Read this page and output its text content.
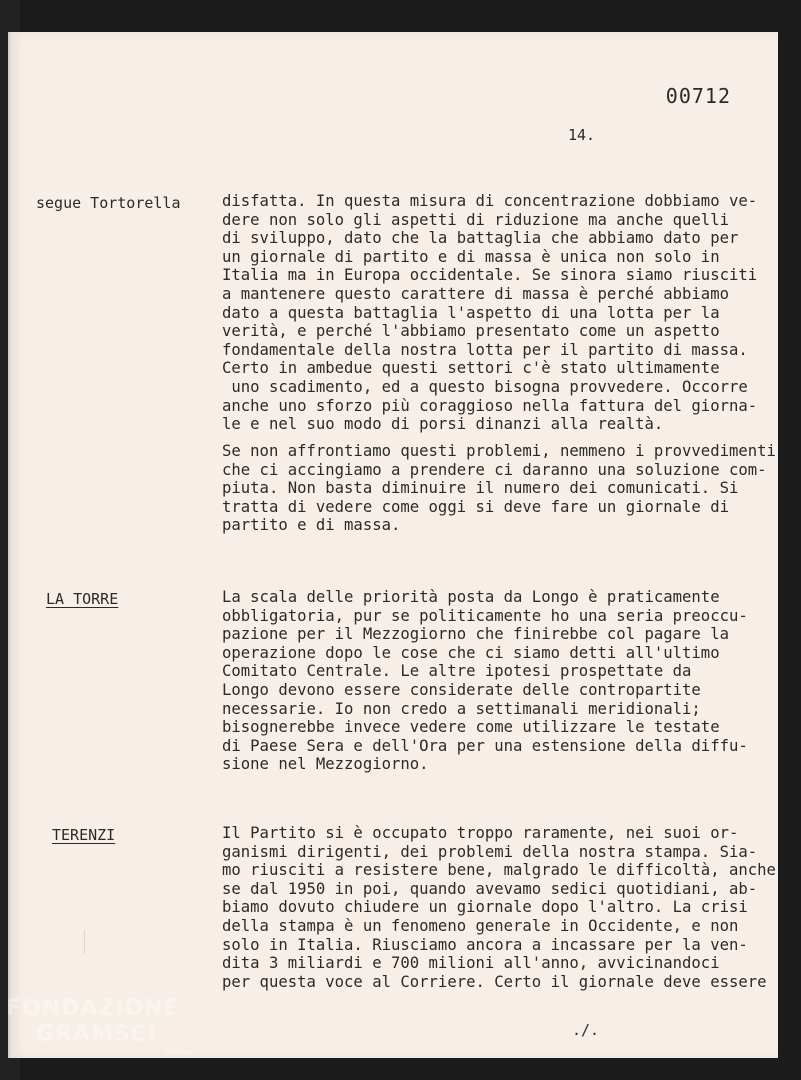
00712
14.
segue Tortorella	disfatta. In questa misura di concentrazione dobbiamo ve-
dere non solo gli aspetti di riduzione ma anche quelli
di sviluppo, dato che la battaglia che abbiamo dato per
un giornale di partito e di massa è unica non solo in
Italia ma in Europa occidentale. Se sinora siamo riusciti
a mantenere questo carattere di massa è perché abbiamo
dato a questa battaglia l'aspetto di una lotta per la
verità, e perché l'abbiamo presentato come un aspetto
fondamentale della nostra lotta per il partito di massa.
Certo in ambedue questi settori c'è stato ultimamente
uno scadimento, ed a questo bisogna provvedere. Occorre
anche uno sforzo più coraggioso nella fattura del giorna-
le e nel suo modo di porsi dinanzi alla realtà.
Se non affrontiamo questi problemi, nemmeno i provvedimenti
che ci accingiamo a prendere ci daranno una soluzione com-
piuta. Non basta diminuire il numero dei comunicati. Si
tratta di vedere come oggi si deve fare un giornale di
partito e di massa.
LA TORRE	La scala delle priorità posta da Longo è praticamente
obbligatoria, pur se politicamente ho una seria preoccu-
pazione per il Mezzogiorno che finirebbe col pagare la
operazione dopo le cose che ci siamo detti all'ultimo
Comitato Centrale. Le altre ipotesi prospettate da
Longo devono essere considerate delle contropartite
necessarie. Io non credo a settimanali meridionali;
bisognerebbe invece vedere come utilizzare le testate
di Paese Sera e dell'Ora per una estensione della diffu-
sione nel Mezzogiorno.
TERENZI	Il Partito si è occupato troppo raramente, nei suoi or-
ganismi dirigenti, dei problemi della nostra stampa. Sia-
mo riusciti a resistere bene, malgrado le difficoltà, anche
se dal 1950 in poi, quando avevamo sedici quotidiani, ab-
biamo dovuto chiudere un giornale dopo l'altro. La crisi
della stampa è un fenomeno generale in Occidente, e non
solo in Italia. Riusciamo ancora a incassare per la ven-
dita 3 miliardi e 700 milioni all'anno, avvicinandoci
per questa voce al Corriere. Certo il giornale deve essere
./.
FONDAZIONE
GRAMSCI
onlus
